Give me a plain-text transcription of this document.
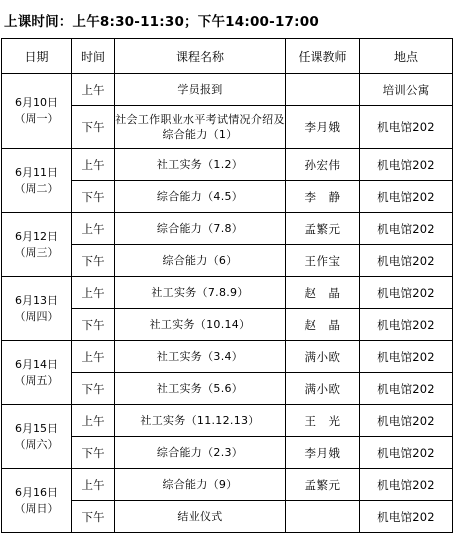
上课时间：上午8:30-11:30；下午14:00-17:00
日期	时间	课程名称	任课教师	地点

6月10日
（周一）	上午	学员报到		培训公寓
	下午	社会工作职业水平考试情况介绍及综合能力（1）	李月娥	机电馆202

6月11日
（周二）	上午	社工实务（1.2）	孙宏伟	机电馆202
	下午	综合能力（4.5）	李　静	机电馆202

6月12日
（周三）	上午	综合能力（7.8）	孟繁元	机电馆202
	下午	综合能力（6）	王作宝	机电馆202

6月13日
（周四）	上午	社工实务（7.8.9）	赵　晶	机电馆202
	下午	社工实务（10.14）	赵　晶	机电馆202

6月14日
（周五）	上午	社工实务（3.4）	满小欧	机电馆202
	下午	社工实务（5.6）	满小欧	机电馆202

6月15日
（周六）	上午	社工实务（11.12.13）	王　光	机电馆202
	下午	综合能力（2.3）	李月娥	机电馆202

6月16日
（周日）	上午	综合能力（9）	孟繁元	机电馆202
	下午	结业仪式		机电馆202
